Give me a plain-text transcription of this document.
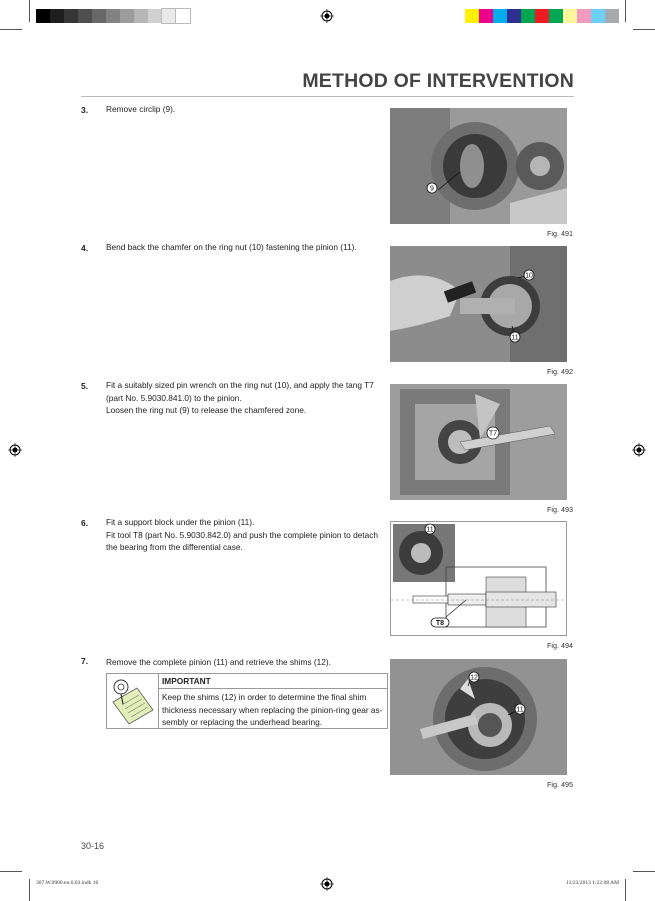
METHOD OF INTERVENTION
3. Remove circlip (9).
9
Fig. 491
4. Bend back the chamfer on the ring nut (10) fastening the pinion (11).
10
11
Fig. 492
5. Fit a suitably sized pin wrench on the ring nut (10), and apply the tang T7
(part No. 5.9030.841.0) to the pinion.
Loosen the ring nut (9) to release the chamfered zone.
T7
Fig. 493
6. Fit a support block under the pinion (11).
Fit tool T8 (part No. 5.9030.842.0) and push the complete pinion to detach
the bearing from the differential case.
11
T8
Fig. 494
7. Remove the complete pinion (11) and retrieve the shims (12).
IMPORTANT
Keep the shims (12) in order to determine the final shim
thickness necessary when replacing the pinion-ring gear as-
sembly or replacing the underhead bearing.
12
11
Fig. 495
30-16
307.W.0900.en.6.03.indb 16	11/23/2013 1:22:08 AM
